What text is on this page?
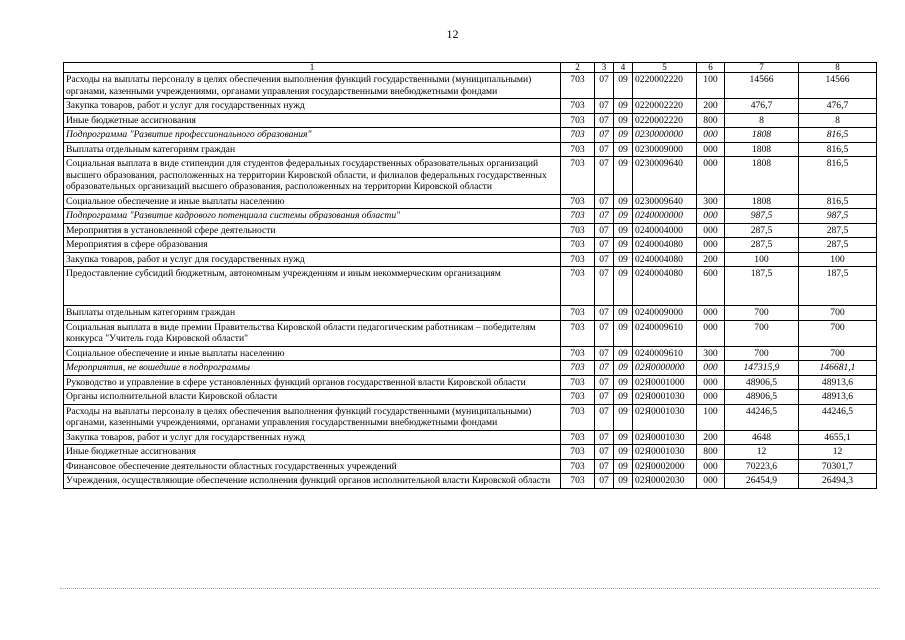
12
1	2	3	4	5	6	7	8
Расходы на выплаты персоналу в целях обеспечения выполнения функций государственными (муниципальными) органами, казенными учреждениями, органами управления государственными внебюджетными фондами	703	07	09	0220002220	100	14566	14566
Закупка товаров, работ и услуг для государственных нужд	703	07	09	0220002220	200	476,7	476,7
Иные бюджетные ассигнования	703	07	09	0220002220	800	8	8
Подпрограмма "Развитие профессионального образования"	703	07	09	0230000000	000	1808	816,5
Выплаты отдельным категориям граждан	703	07	09	0230009000	000	1808	816,5
Социальная выплата в виде стипендии для студентов федеральных государственных образовательных организаций высшего образования, расположенных на территории Кировской области, и филиалов федеральных государственных образовательных организаций высшего образования, расположенных на территории Кировской области	703	07	09	0230009640	000	1808	816,5
Социальное обеспечение и иные выплаты населению	703	07	09	0230009640	300	1808	816,5
Подпрограмма "Развитие кадрового потенциала системы образования области"	703	07	09	0240000000	000	987,5	987,5
Мероприятия в установленной сфере деятельности	703	07	09	0240004000	000	287,5	287,5
Мероприятия в сфере образования	703	07	09	0240004080	000	287,5	287,5
Закупка товаров, работ и услуг для государственных нужд	703	07	09	0240004080	200	100	100
Предоставление субсидий бюджетным, автономным учреждениям и иным некоммерческим организациям	703	07	09	0240004080	600	187,5	187,5
Выплаты отдельным категориям граждан	703	07	09	0240009000	000	700	700
Социальная выплата в виде премии Правительства Кировской области педагогическим работникам – победителям конкурса "Учитель года Кировской области"	703	07	09	0240009610	000	700	700
Социальное обеспечение и иные выплаты населению	703	07	09	0240009610	300	700	700
Мероприятия, не вошедшие в подпрограммы	703	07	09	02Я0000000	000	147315,9	146681,1
Руководство и управление в сфере установленных функций органов государственной власти Кировской области	703	07	09	02Я0001000	000	48906,5	48913,6
Органы исполнительной власти Кировской области	703	07	09	02Я0001030	000	48906,5	48913,6
Расходы на выплаты персоналу в целях обеспечения выполнения функций государственными (муниципальными) органами, казенными учреждениями, органами управления государственными внебюджетными фондами	703	07	09	02Я0001030	100	44246,5	44246,5
Закупка товаров, работ и услуг для государственных нужд	703	07	09	02Я0001030	200	4648	4655,1
Иные бюджетные ассигнования	703	07	09	02Я0001030	800	12	12
Финансовое обеспечение деятельности областных государственных учреждений	703	07	09	02Я0002000	000	70223,6	70301,7
Учреждения, осуществляющие обеспечение исполнения функций органов исполнительной власти Кировской области	703	07	09	02Я0002030	000	26454,9	26494,3
